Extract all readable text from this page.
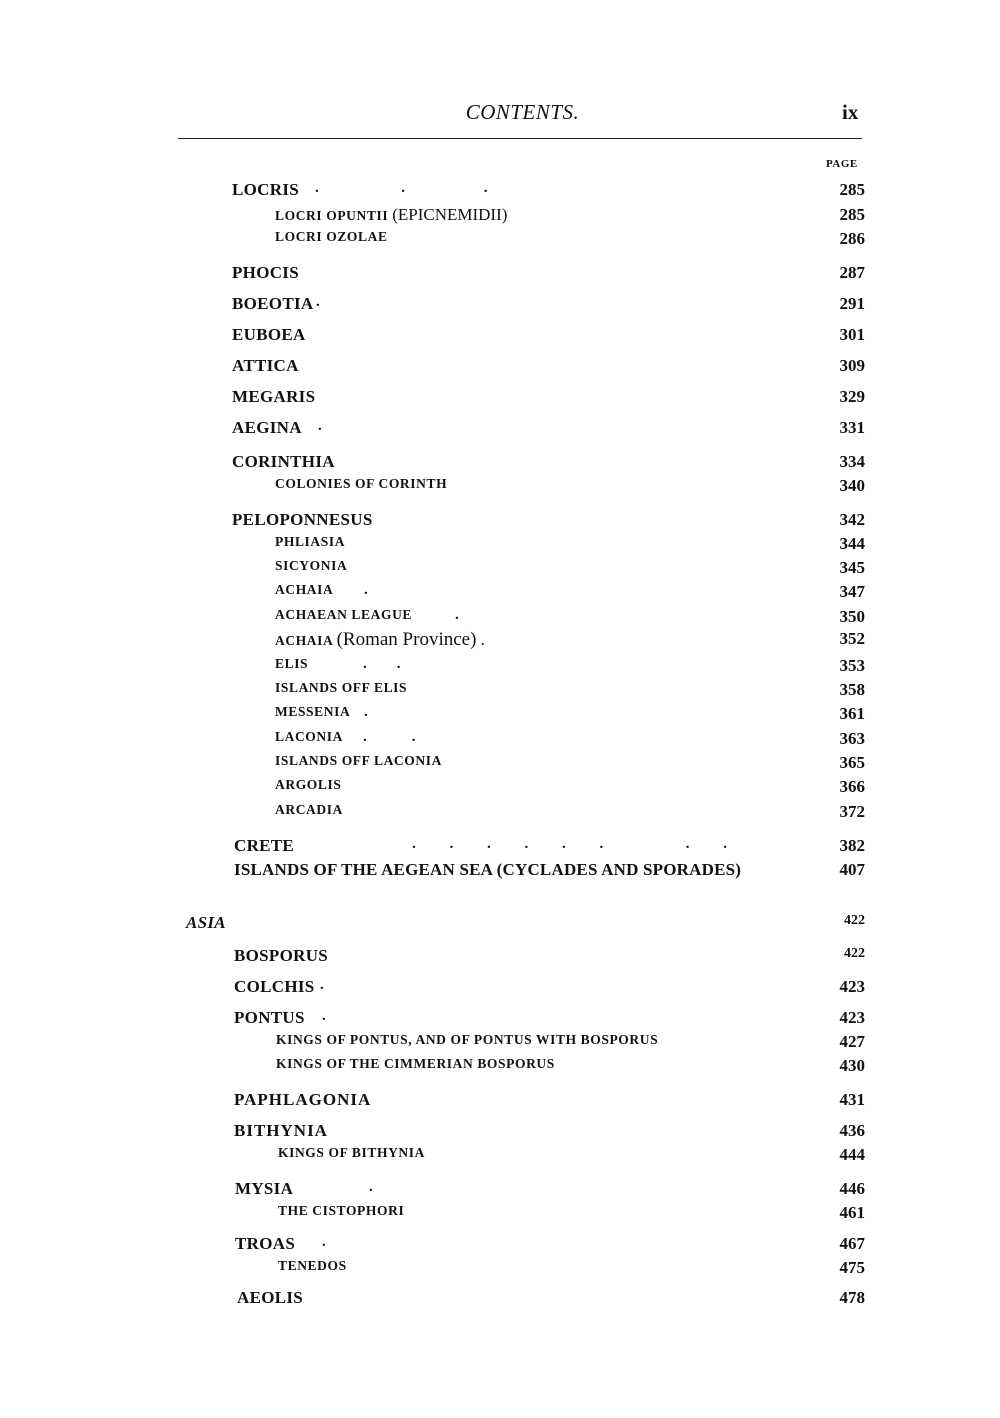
CONTENTS.	ix
PAGE
LOCRIS .                      .                     .	285
LOCRI OPUNTII (EPICNEMIDII)	285
LOCRI OZOLAE	286
PHOCIS	287
BOEOTIA .	291
EUBOEA	301
ATTICA	309
MEGARIS	329
AEGINA .	331
CORINTHIA	334
COLONIES OF CORINTH	340
PELOPONNESUS	342
PHLIASIA	344
SICYONIA	345
ACHAIA .	347
ACHAEAN LEAGUE	.	350
ACHAIA (Roman Province) .	352
ELIS	.        .	353
ISLANDS OFF ELIS	358
MESSENIA .	361
LACONIA .            .	363
ISLANDS OFF LACONIA	365
ARGOLIS	366
ARCADIA	372
CRETE	.         .         .         .         .         .                      .         .	382
ISLANDS OF THE AEGEAN SEA (CYCLADES AND SPORADES)	407
ASIA	422
BOSPORUS	422
COLCHIS .	423
PONTUS .	423
KINGS OF PONTUS, AND OF PONTUS WITH BOSPORUS	427
KINGS OF THE CIMMERIAN BOSPORUS	430
PAPHLAGONIA	431
BITHYNIA	436
KINGS OF BITHYNIA	444
MYSIA	.	446
THE CISTOPHORI	461
TROAS .	467
TENEDOS	475
AEOLIS	478
